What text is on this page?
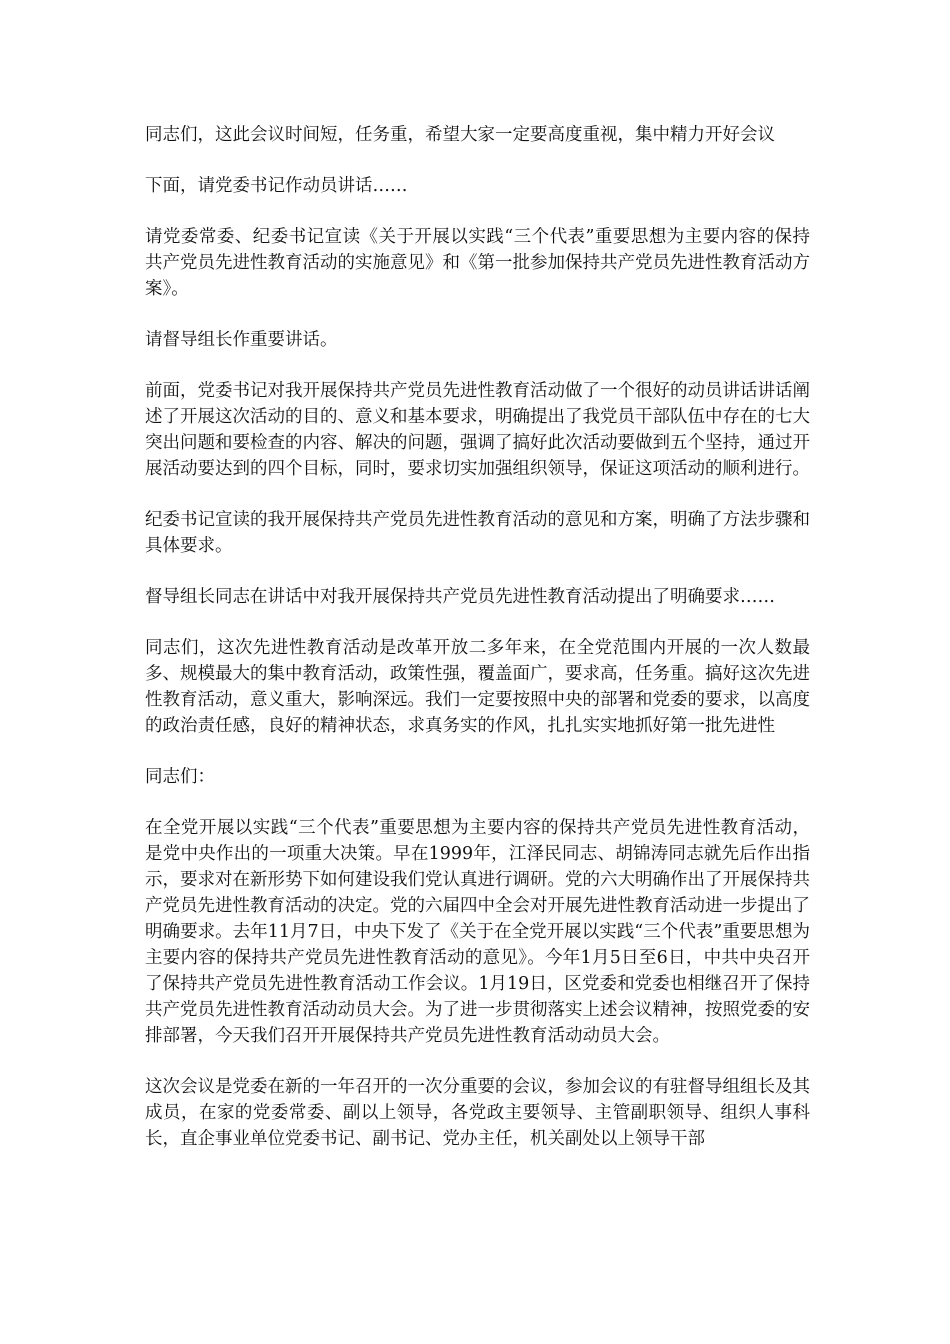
同志们，这此会议时间短，任务重，希望大家一定要高度重视，集中精力开好会议

下面，请党委书记作动员讲话……

请党委常委、纪委书记宣读《关于开展以实践“三个代表”重要思想为主要内容的保持共产党员先进性教育活动的实施意见》和《第一批参加保持共产党员先进性教育活动方案》。

请督导组长作重要讲话。

前面，党委书记对我开展保持共产党员先进性教育活动做了一个很好的动员讲话讲话阐述了开展这次活动的目的、意义和基本要求，明确提出了我党员干部队伍中存在的七大突出问题和要检查的内容、解决的问题，强调了搞好此次活动要做到五个坚持，通过开展活动要达到的四个目标，同时，要求切实加强组织领导，保证这项活动的顺利进行。

纪委书记宣读的我开展保持共产党员先进性教育活动的意见和方案，明确了方法步骤和具体要求。

督导组长同志在讲话中对我开展保持共产党员先进性教育活动提出了明确要求……

同志们，这次先进性教育活动是改革开放二多年来，在全党范围内开展的一次人数最多、规模最大的集中教育活动，政策性强，覆盖面广，要求高，任务重。搞好这次先进性教育活动，意义重大，影响深远。我们一定要按照中央的部署和党委的要求，以高度的政治责任感，良好的精神状态，求真务实的作风，扎扎实实地抓好第一批先进性

同志们：

在全党开展以实践“三个代表”重要思想为主要内容的保持共产党员先进性教育活动，是党中央作出的一项重大决策。早在1999年，江泽民同志、胡锦涛同志就先后作出指示，要求对在新形势下如何建设我们党认真进行调研。党的六大明确作出了开展保持共产党员先进性教育活动的决定。党的六届四中全会对开展先进性教育活动进一步提出了明确要求。去年11月7日，中央下发了《关于在全党开展以实践“三个代表”重要思想为主要内容的保持共产党员先进性教育活动的意见》。今年1月5日至6日，中共中央召开了保持共产党员先进性教育活动工作会议。1月19日，区党委和党委也相继召开了保持共产党员先进性教育活动动员大会。为了进一步贯彻落实上述会议精神，按照党委的安排部署，今天我们召开开展保持共产党员先进性教育活动动员大会。

这次会议是党委在新的一年召开的一次分重要的会议，参加会议的有驻督导组组长及其成员，在家的党委常委、副以上领导，各党政主要领导、主管副职领导、组织人事科长，直企事业单位党委书记、副书记、党办主任，机关副处以上领导干部
